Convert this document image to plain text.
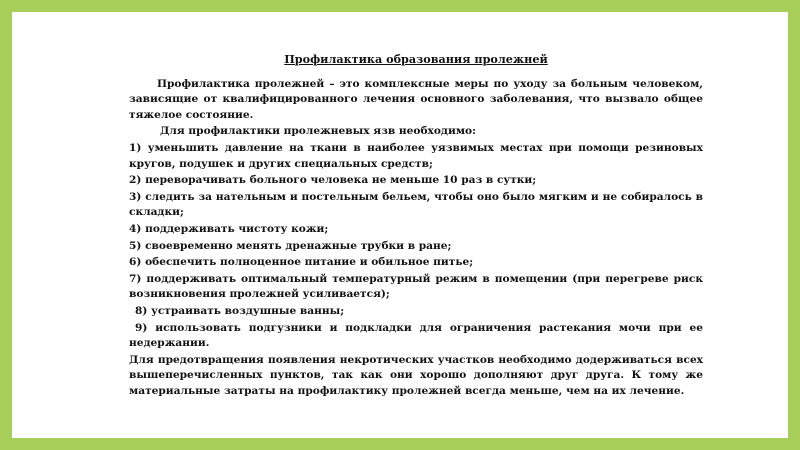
Профилактика образования пролежней
Профилактика пролежней – это комплексные меры по уходу за больным человеком, зависящие от квалифицированного лечения основного заболевания, что вызвало общее тяжелое состояние.
Для профилактики пролежневых язв необходимо:
1) уменьшить давление на ткани в наиболее уязвимых местах при помощи резиновых кругов, подушек и других специальных средств;
2) переворачивать больного человека не меньше 10 раз в сутки;
3) следить за нательным и постельным бельем, чтобы оно было мягким и не собиралось в складки;
4) поддерживать чистоту кожи;
5) своевременно менять дренажные трубки в ране;
6) обеспечить полноценное питание и обильное питье;
7) поддерживать оптимальный температурный режим в помещении (при перегреве риск возникновения пролежней усиливается);
8) устраивать воздушные ванны;
9) использовать подгузники и подкладки для ограничения растекания мочи при ее недержании.
Для предотвращения появления некротических участков необходимо додерживаться всех вышеперечисленных пунктов, так как они хорошо дополняют друг друга. К тому же материальные затраты на профилактику пролежней всегда меньше, чем на их лечение.
